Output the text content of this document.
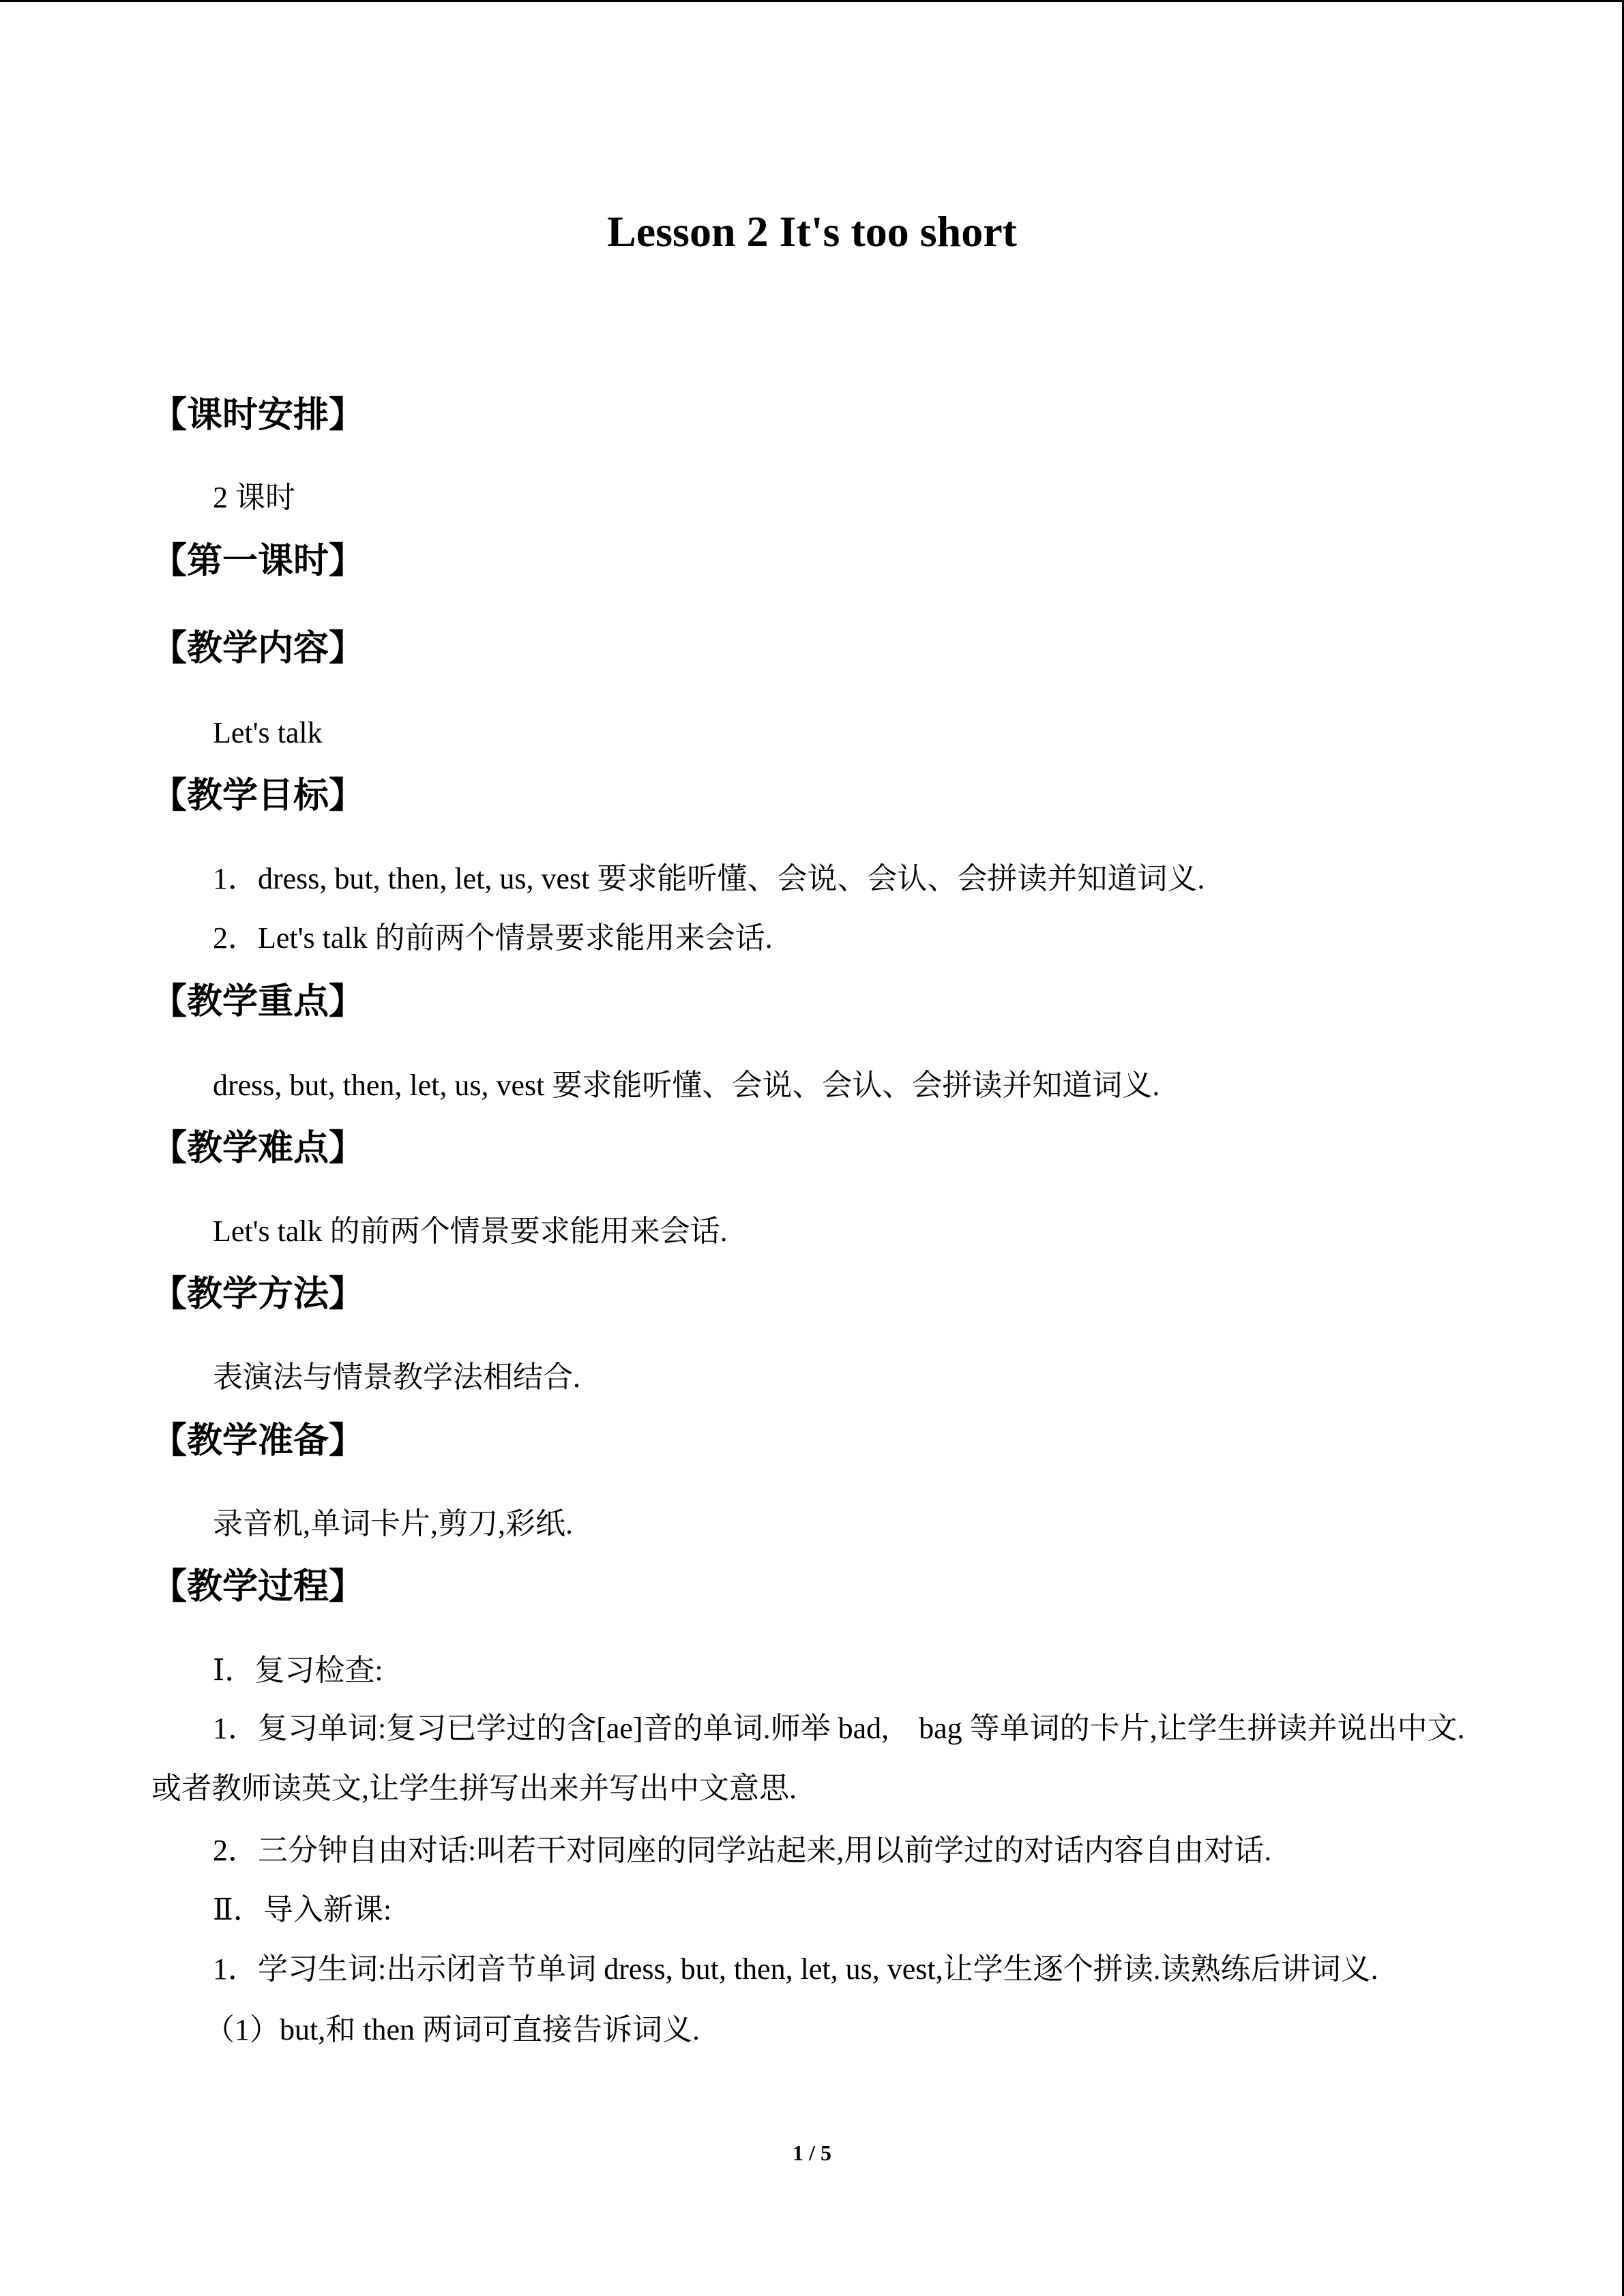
Lesson 2 It's too short
【课时安排】
2 课时
【第一课时】
【教学内容】
Let's talk
【教学目标】
1．dress, but, then, let, us, vest 要求能听懂、会说、会认、会拼读并知道词义.
2．Let's talk 的前两个情景要求能用来会话.
【教学重点】
dress, but, then, let, us, vest 要求能听懂、会说、会认、会拼读并知道词义.
【教学难点】
Let's talk 的前两个情景要求能用来会话.
【教学方法】
表演法与情景教学法相结合.
【教学准备】
录音机,单词卡片,剪刀,彩纸.
【教学过程】
Ⅰ．复习检查:
1．复习单词:复习已学过的含[ae]音的单词.师举 bad,　bag 等单词的卡片,让学生拼读并说出中文.或者教师读英文,让学生拼写出来并写出中文意思.
2．三分钟自由对话:叫若干对同座的同学站起来,用以前学过的对话内容自由对话.
Ⅱ．导入新课:
1．学习生词:出示闭音节单词 dress, but, then, let, us, vest,让学生逐个拼读.读熟练后讲词义.
（1）but,和 then 两词可直接告诉词义.
1 / 5
